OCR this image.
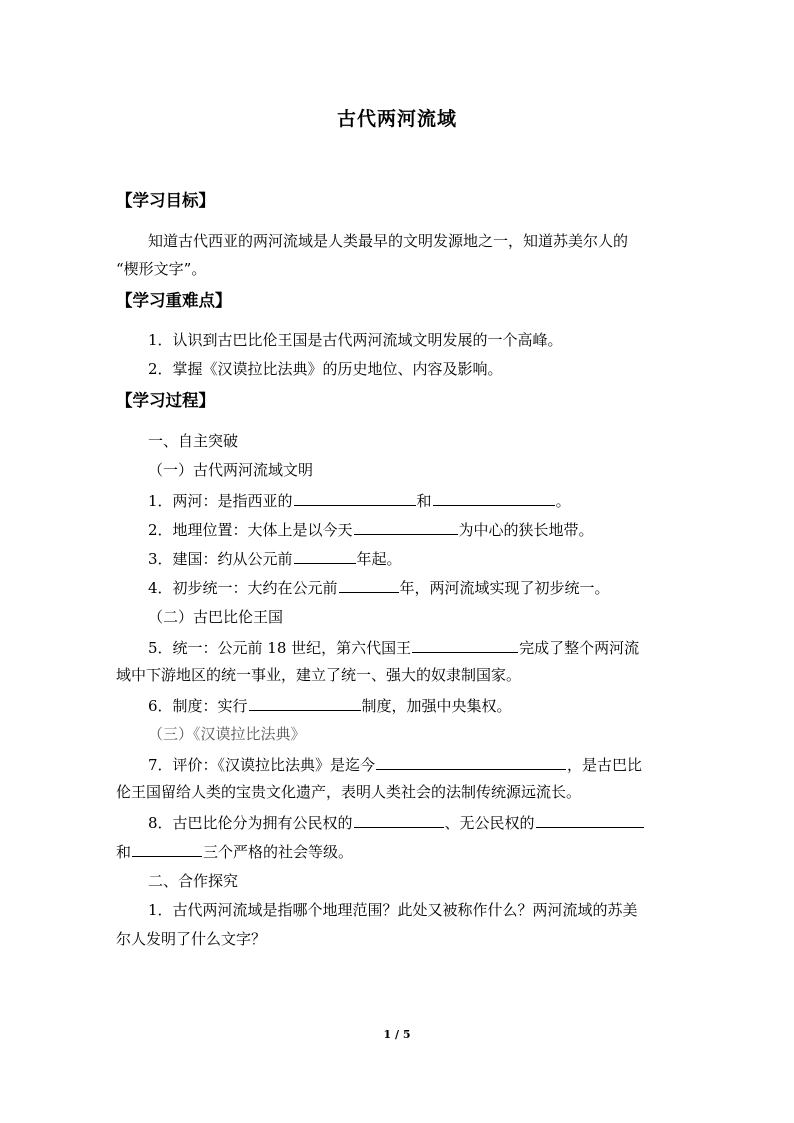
古代两河流域
【学习目标】
知道古代西亚的两河流域是人类最早的文明发源地之一，知道苏美尔人的
“楔形文字”。
【学习重难点】
1．认识到古巴比伦王国是古代两河流域文明发展的一个高峰。
2．掌握《汉谟拉比法典》的历史地位、内容及影响。
【学习过程】
一、自主突破
（一）古代两河流域文明
1．两河：是指西亚的	和	。
2．地理位置：大体上是以今天	为中心的狭长地带。
3．建国：约从公元前	年起。
4．初步统一：大约在公元前	年，两河流域实现了初步统一。
（二）古巴比伦王国
5．统一：公元前 18 世纪，第六代国王	完成了整个两河流
域中下游地区的统一事业，建立了统一、强大的奴隶制国家。
6．制度：实行	制度，加强中央集权。
（三）《汉谟拉比法典》
7．评价：《汉谟拉比法典》是迄今	，是古巴比
伦王国留给人类的宝贵文化遗产，表明人类社会的法制传统源远流长。
8．古巴比伦分为拥有公民权的	、无公民权的
和	三个严格的社会等级。
二、合作探究
1．古代两河流域是指哪个地理范围？此处又被称作什么？两河流域的苏美
尔人发明了什么文字？
1 / 5
